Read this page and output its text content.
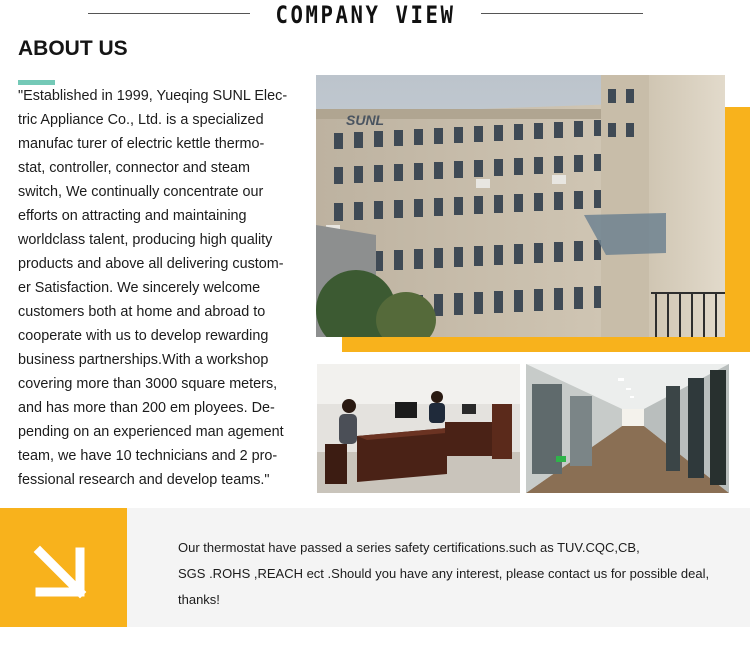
COMPANY VIEW
ABOUT US
"Established in 1999, Yueqing SUNL Elec-
tric Appliance Co., Ltd. is a specialized
manufac turer of electric kettle thermo-
stat, controller, connector and steam
switch, We continually concentrate our
efforts on attracting and maintaining
worldclass talent, producing high quality
products and above all delivering custom-
er Satisfaction. We sincerely welcome
customers both at home and abroad to
cooperate with us to develop rewarding
business partnerships.With a workshop
covering more than 3000 square meters,
and has more than 200 em ployees. De-
pending on an experienced man agement
team, we have 10 technicians and 2 pro-
fessional research and develop teams."
SUNL
Our thermostat have passed a series safety certifications.such as TUV.CQC,CB,
SGS .ROHS ,REACH ect .Should you have any interest, please contact us for possible deal,
thanks!
